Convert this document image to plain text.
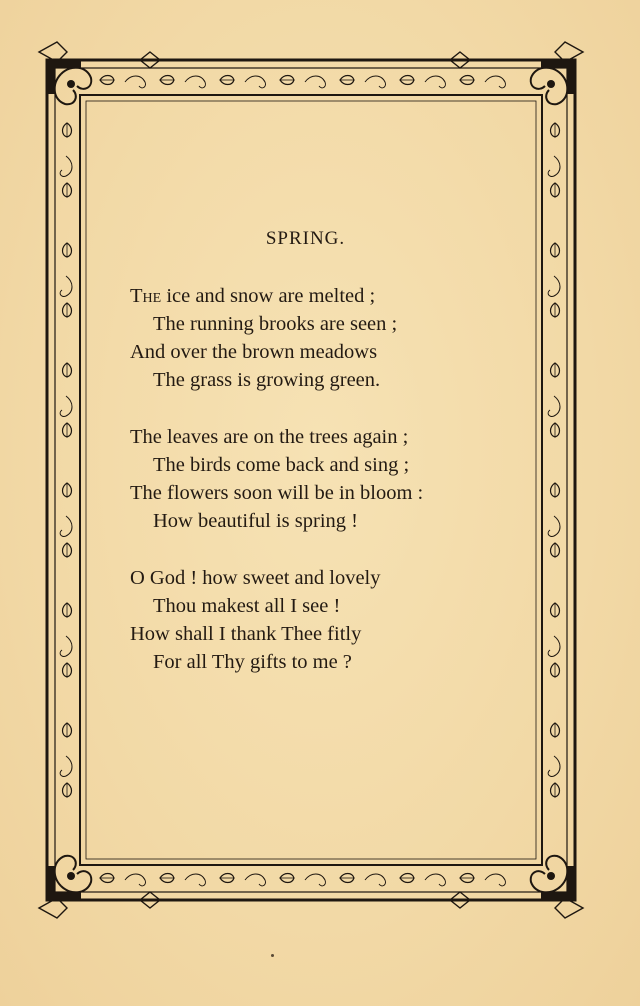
SPRING.
The ice and snow are melted ;
The running brooks are seen ;
And over the brown meadows
The grass is growing green.
The leaves are on the trees again ;
The birds come back and sing ;
The flowers soon will be in bloom :
How beautiful is spring !
O God ! how sweet and lovely
Thou makest all I see !
How shall I thank Thee fitly
For all Thy gifts to me ?
